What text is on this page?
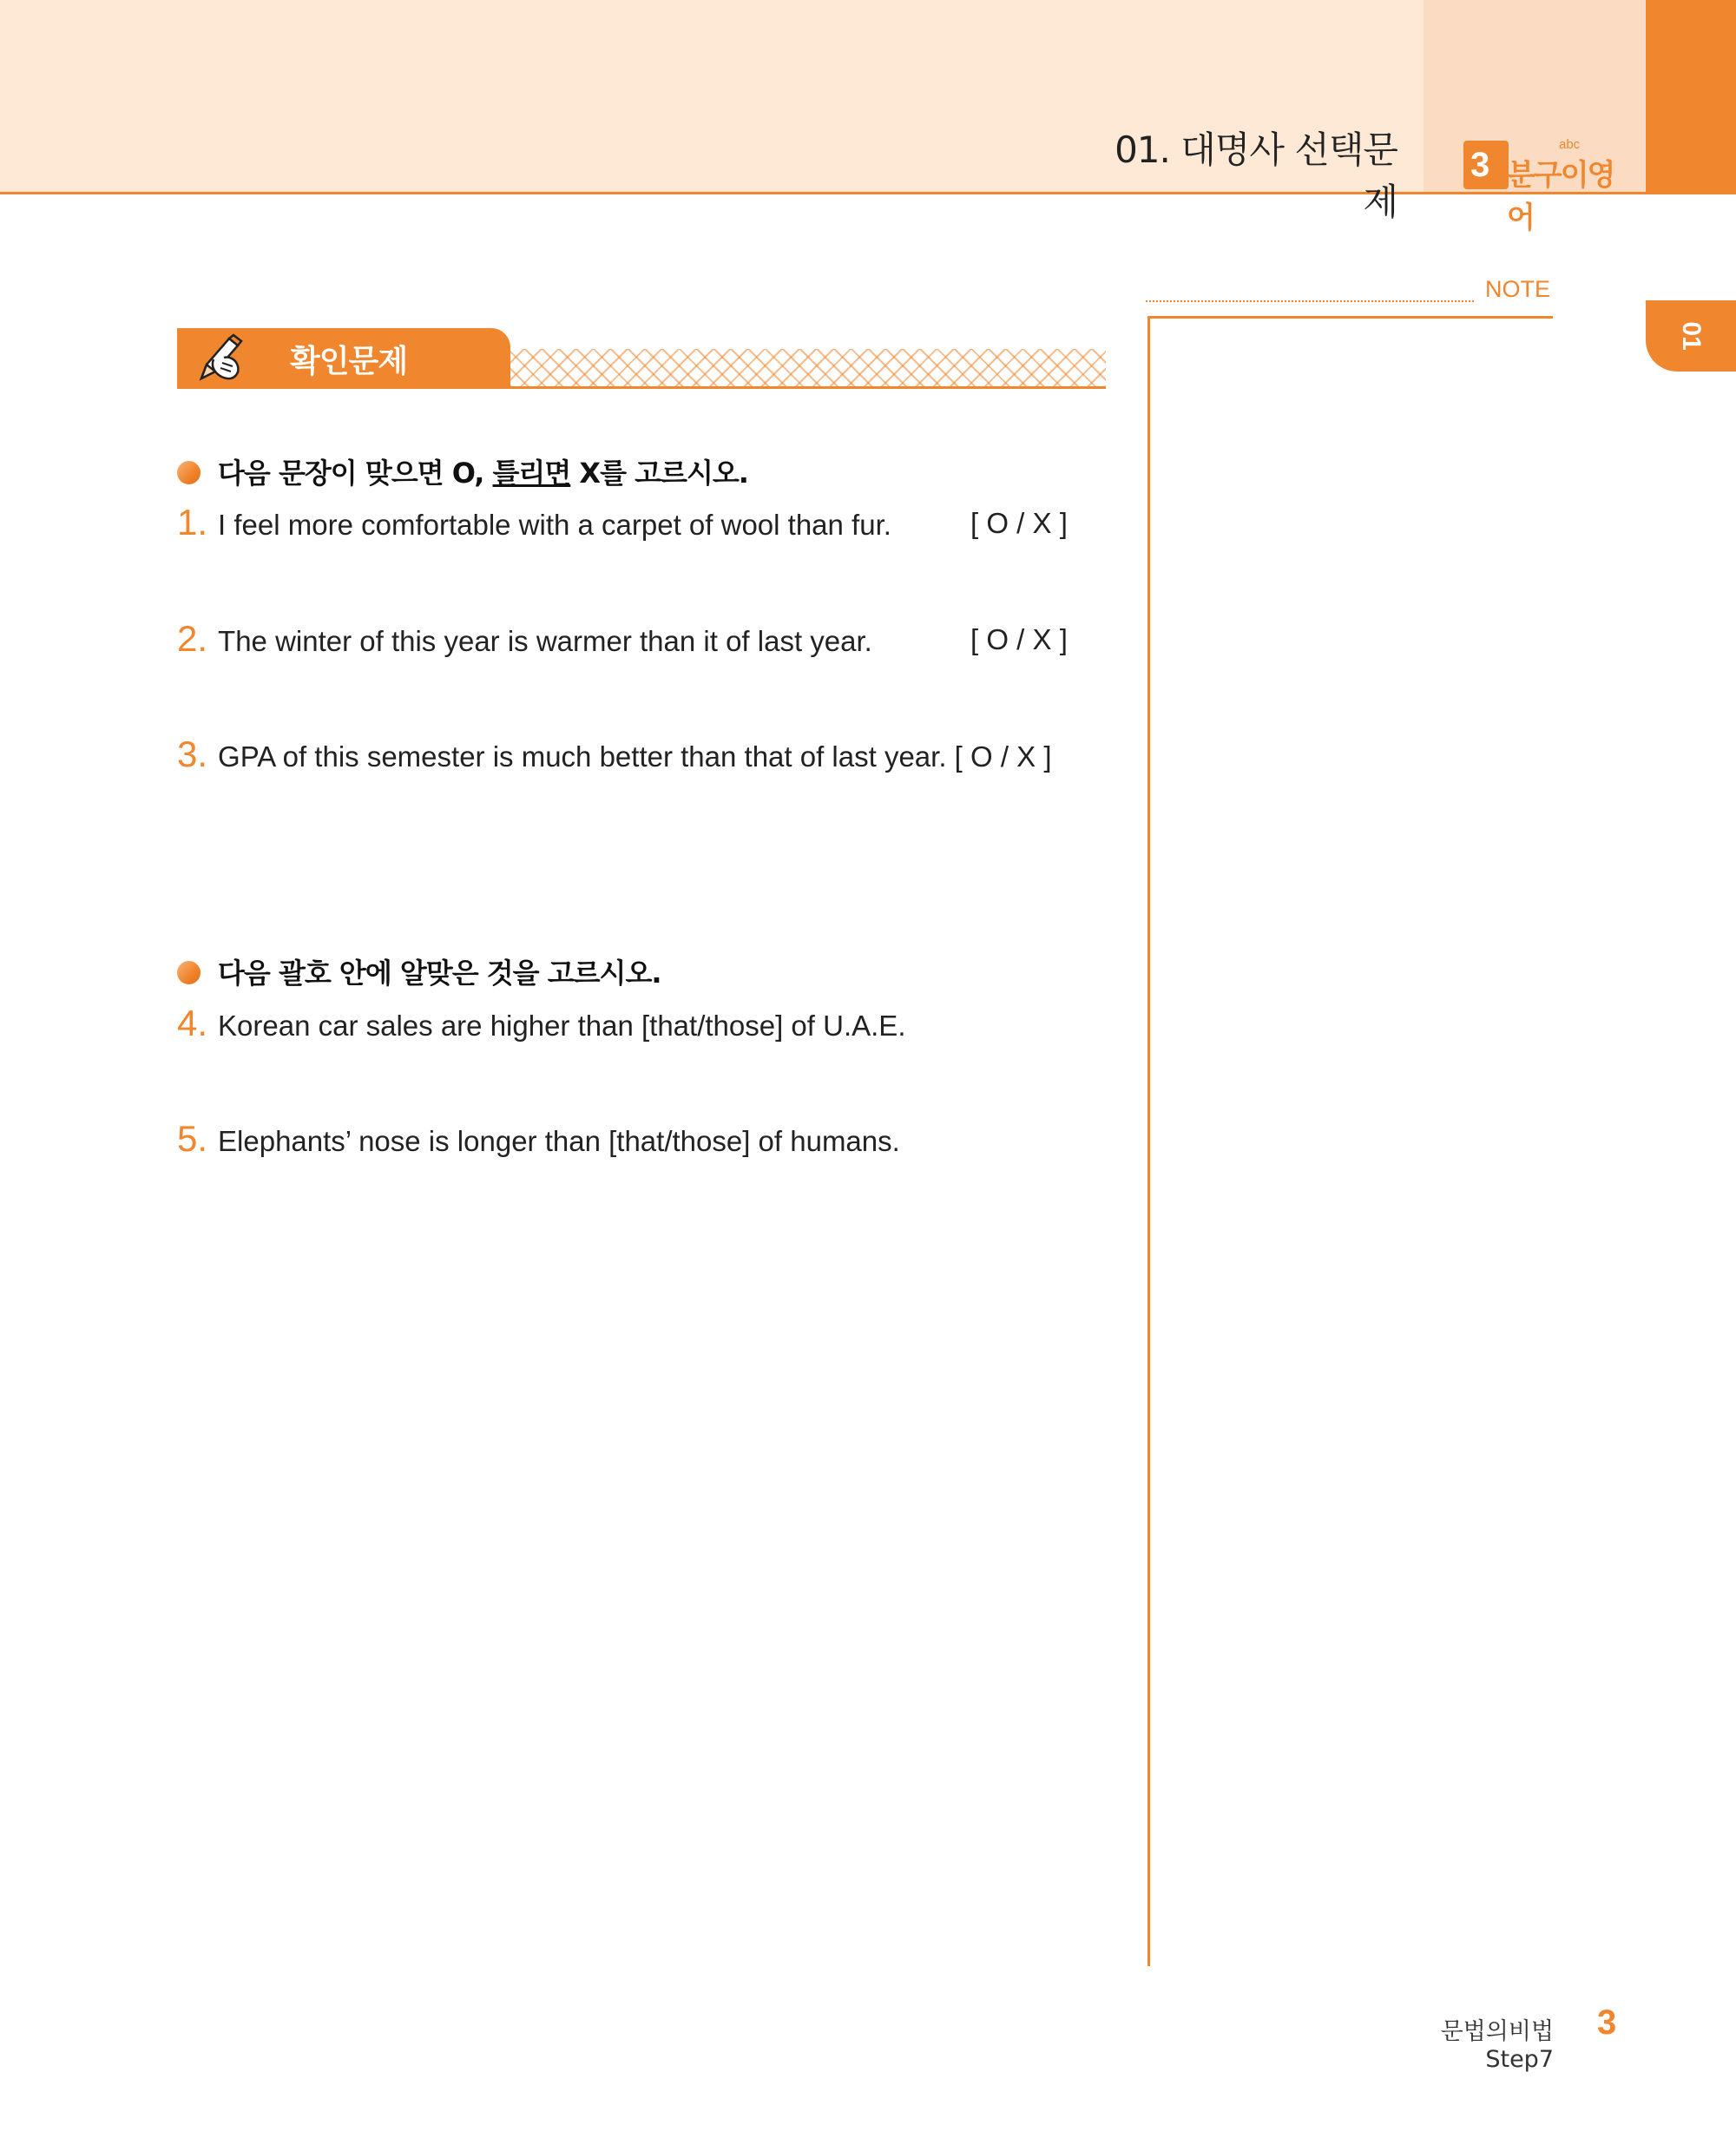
01. 대명사 선택문제
3 분구이영어
abc
01
NOTE
확인문제
다음 문장이 맞으면 O, 틀리면 X를 고르시오.
1. I feel more comfortable with a carpet of wool than fur.	[ O / X ]
2. The winter of this year is warmer than it of last year.	[ O / X ]
3. GPA of this semester is much better than that of last year. [ O / X ]
다음 괄호 안에 알맞은 것을 고르시오.
4. Korean car sales are higher than [that/those] of U.A.E.
5. Elephants’ nose is longer than [that/those] of humans.
문법의비법 Step7
3
